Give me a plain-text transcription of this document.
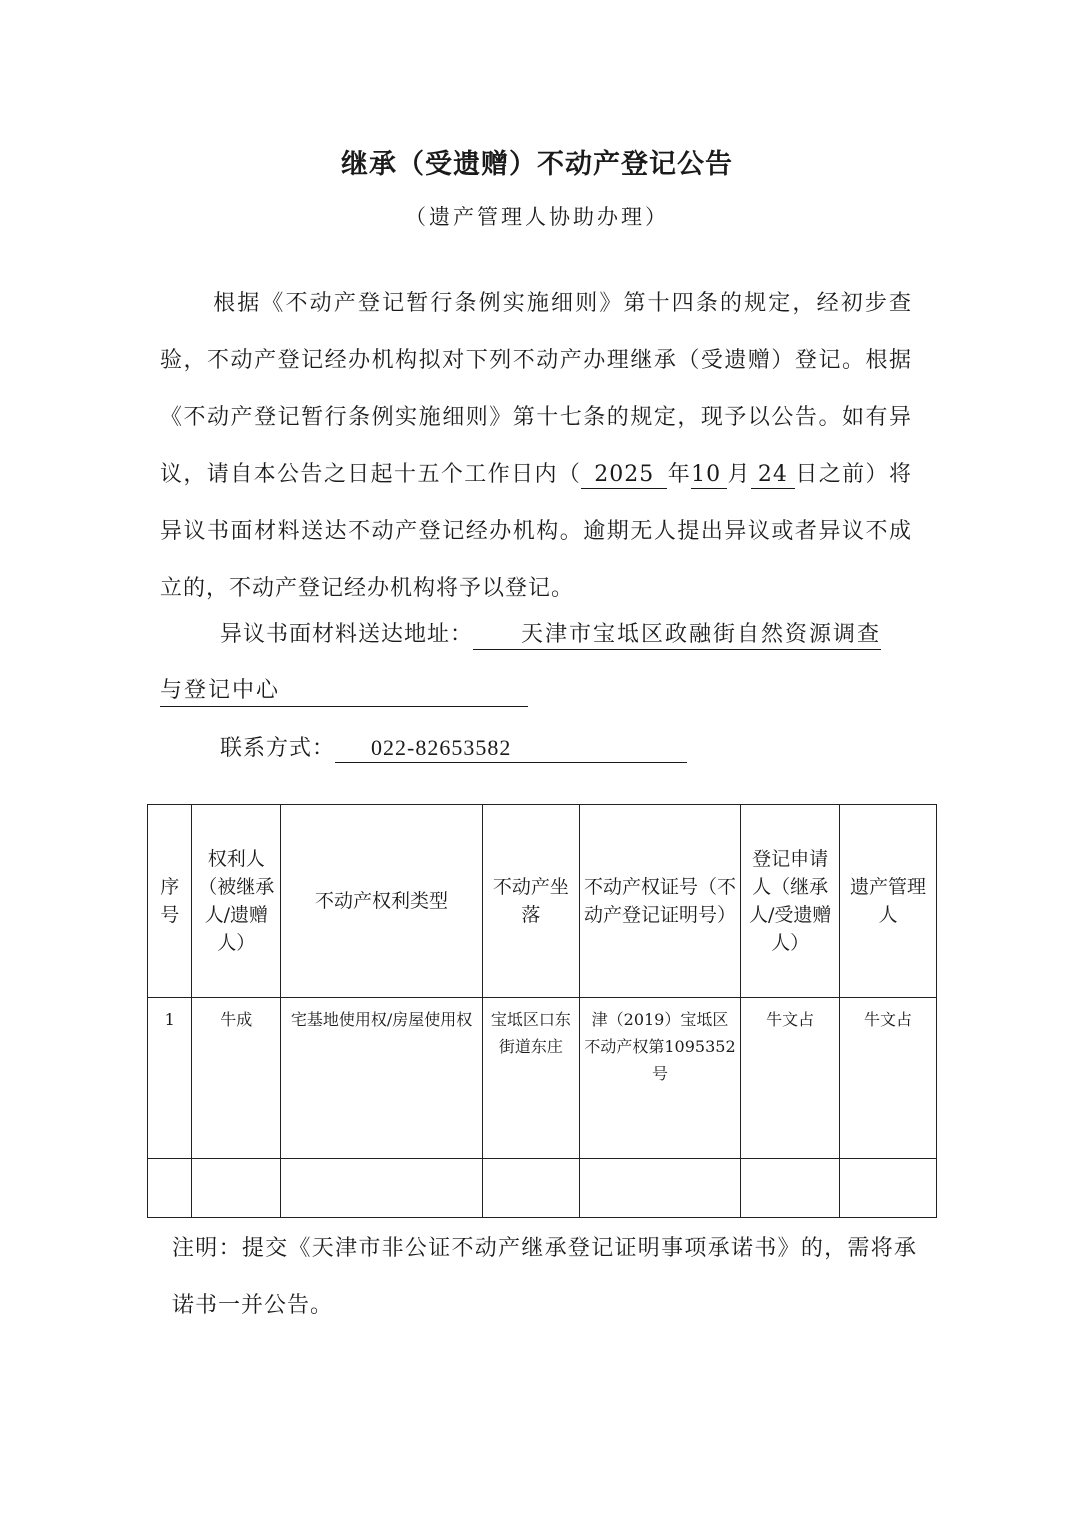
继承（受遗赠）不动产登记公告
（遗产管理人协助办理）
根据《不动产登记暂行条例实施细则》第十四条的规定，经初步查验，不动产登记经办机构拟对下列不动产办理继承（受遗赠）登记。根据《不动产登记暂行条例实施细则》第十七条的规定，现予以公告。如有异议，请自本公告之日起十五个工作日内（ 2025 年10 月 24 日之前）将异议书面材料送达不动产登记经办机构。逾期无人提出异议或者异议不成立的，不动产登记经办机构将予以登记。
异议书面材料送达地址： 天津市宝坻区政融街自然资源调查
与登记中心
联系方式： 022-82653582
序号	权利人（被继承人/遗赠人）	不动产权利类型	不动产坐落	不动产权证号（不动产登记证明号）	登记申请人（继承人/受遗赠人）	遗产管理人
1	牛成	宅基地使用权/房屋使用权	宝坻区口东街道东庄	津（2019）宝坻区不动产权第1095352号	牛文占	牛文占

注明：提交《天津市非公证不动产继承登记证明事项承诺书》的，需将承诺书一并公告。
